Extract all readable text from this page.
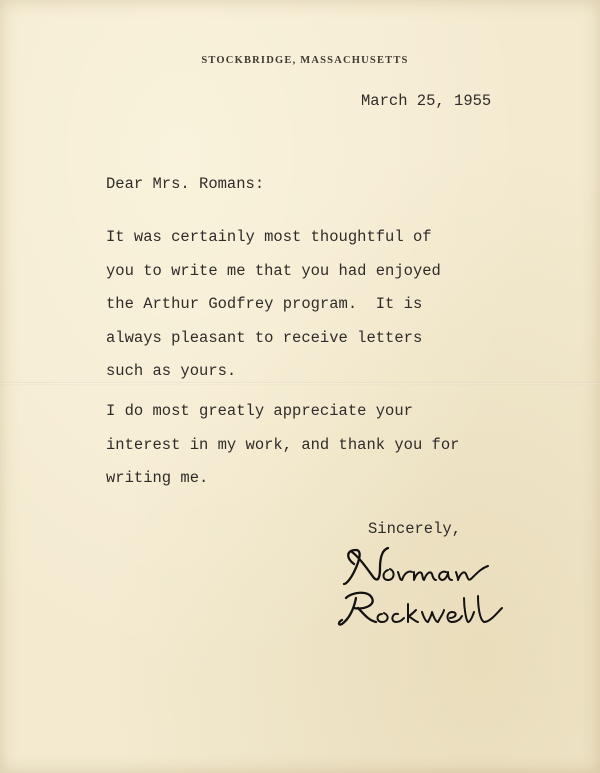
STOCKBRIDGE, MASSACHUSETTS
March 25, 1955
Dear Mrs. Romans:
It was certainly most thoughtful of
you to write me that you had enjoyed
the Arthur Godfrey program.  It is
always pleasant to receive letters
such as yours.
I do most greatly appreciate your
interest in my work, and thank you for
writing me.
Sincerely,
